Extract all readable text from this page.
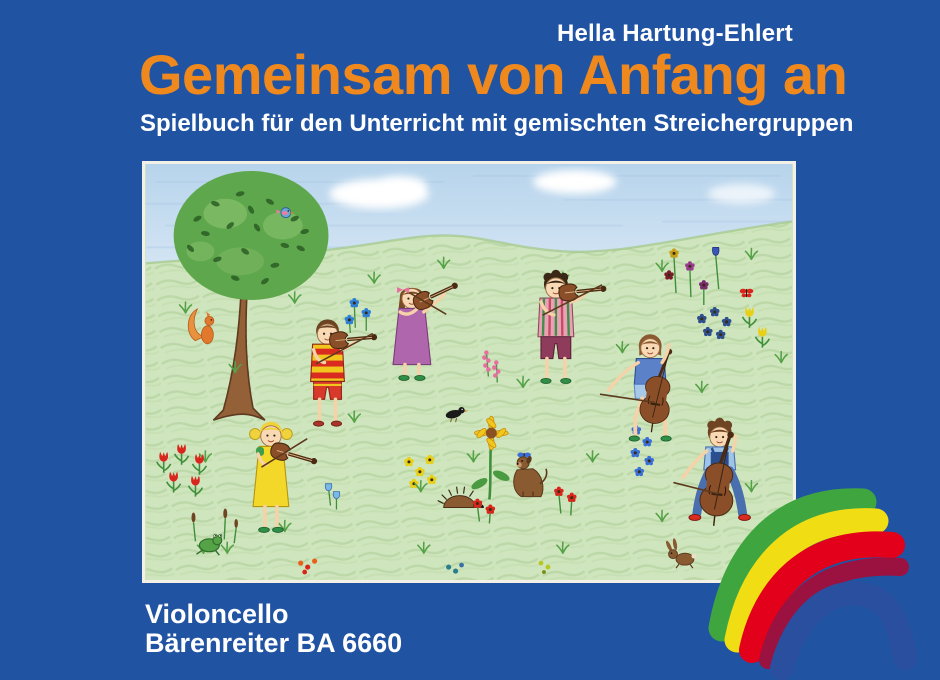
Hella Hartung-Ehlert
Gemeinsam von Anfang an
Spielbuch für den Unterricht mit gemischten Streichergruppen
Violoncello
Bärenreiter BA 6660
